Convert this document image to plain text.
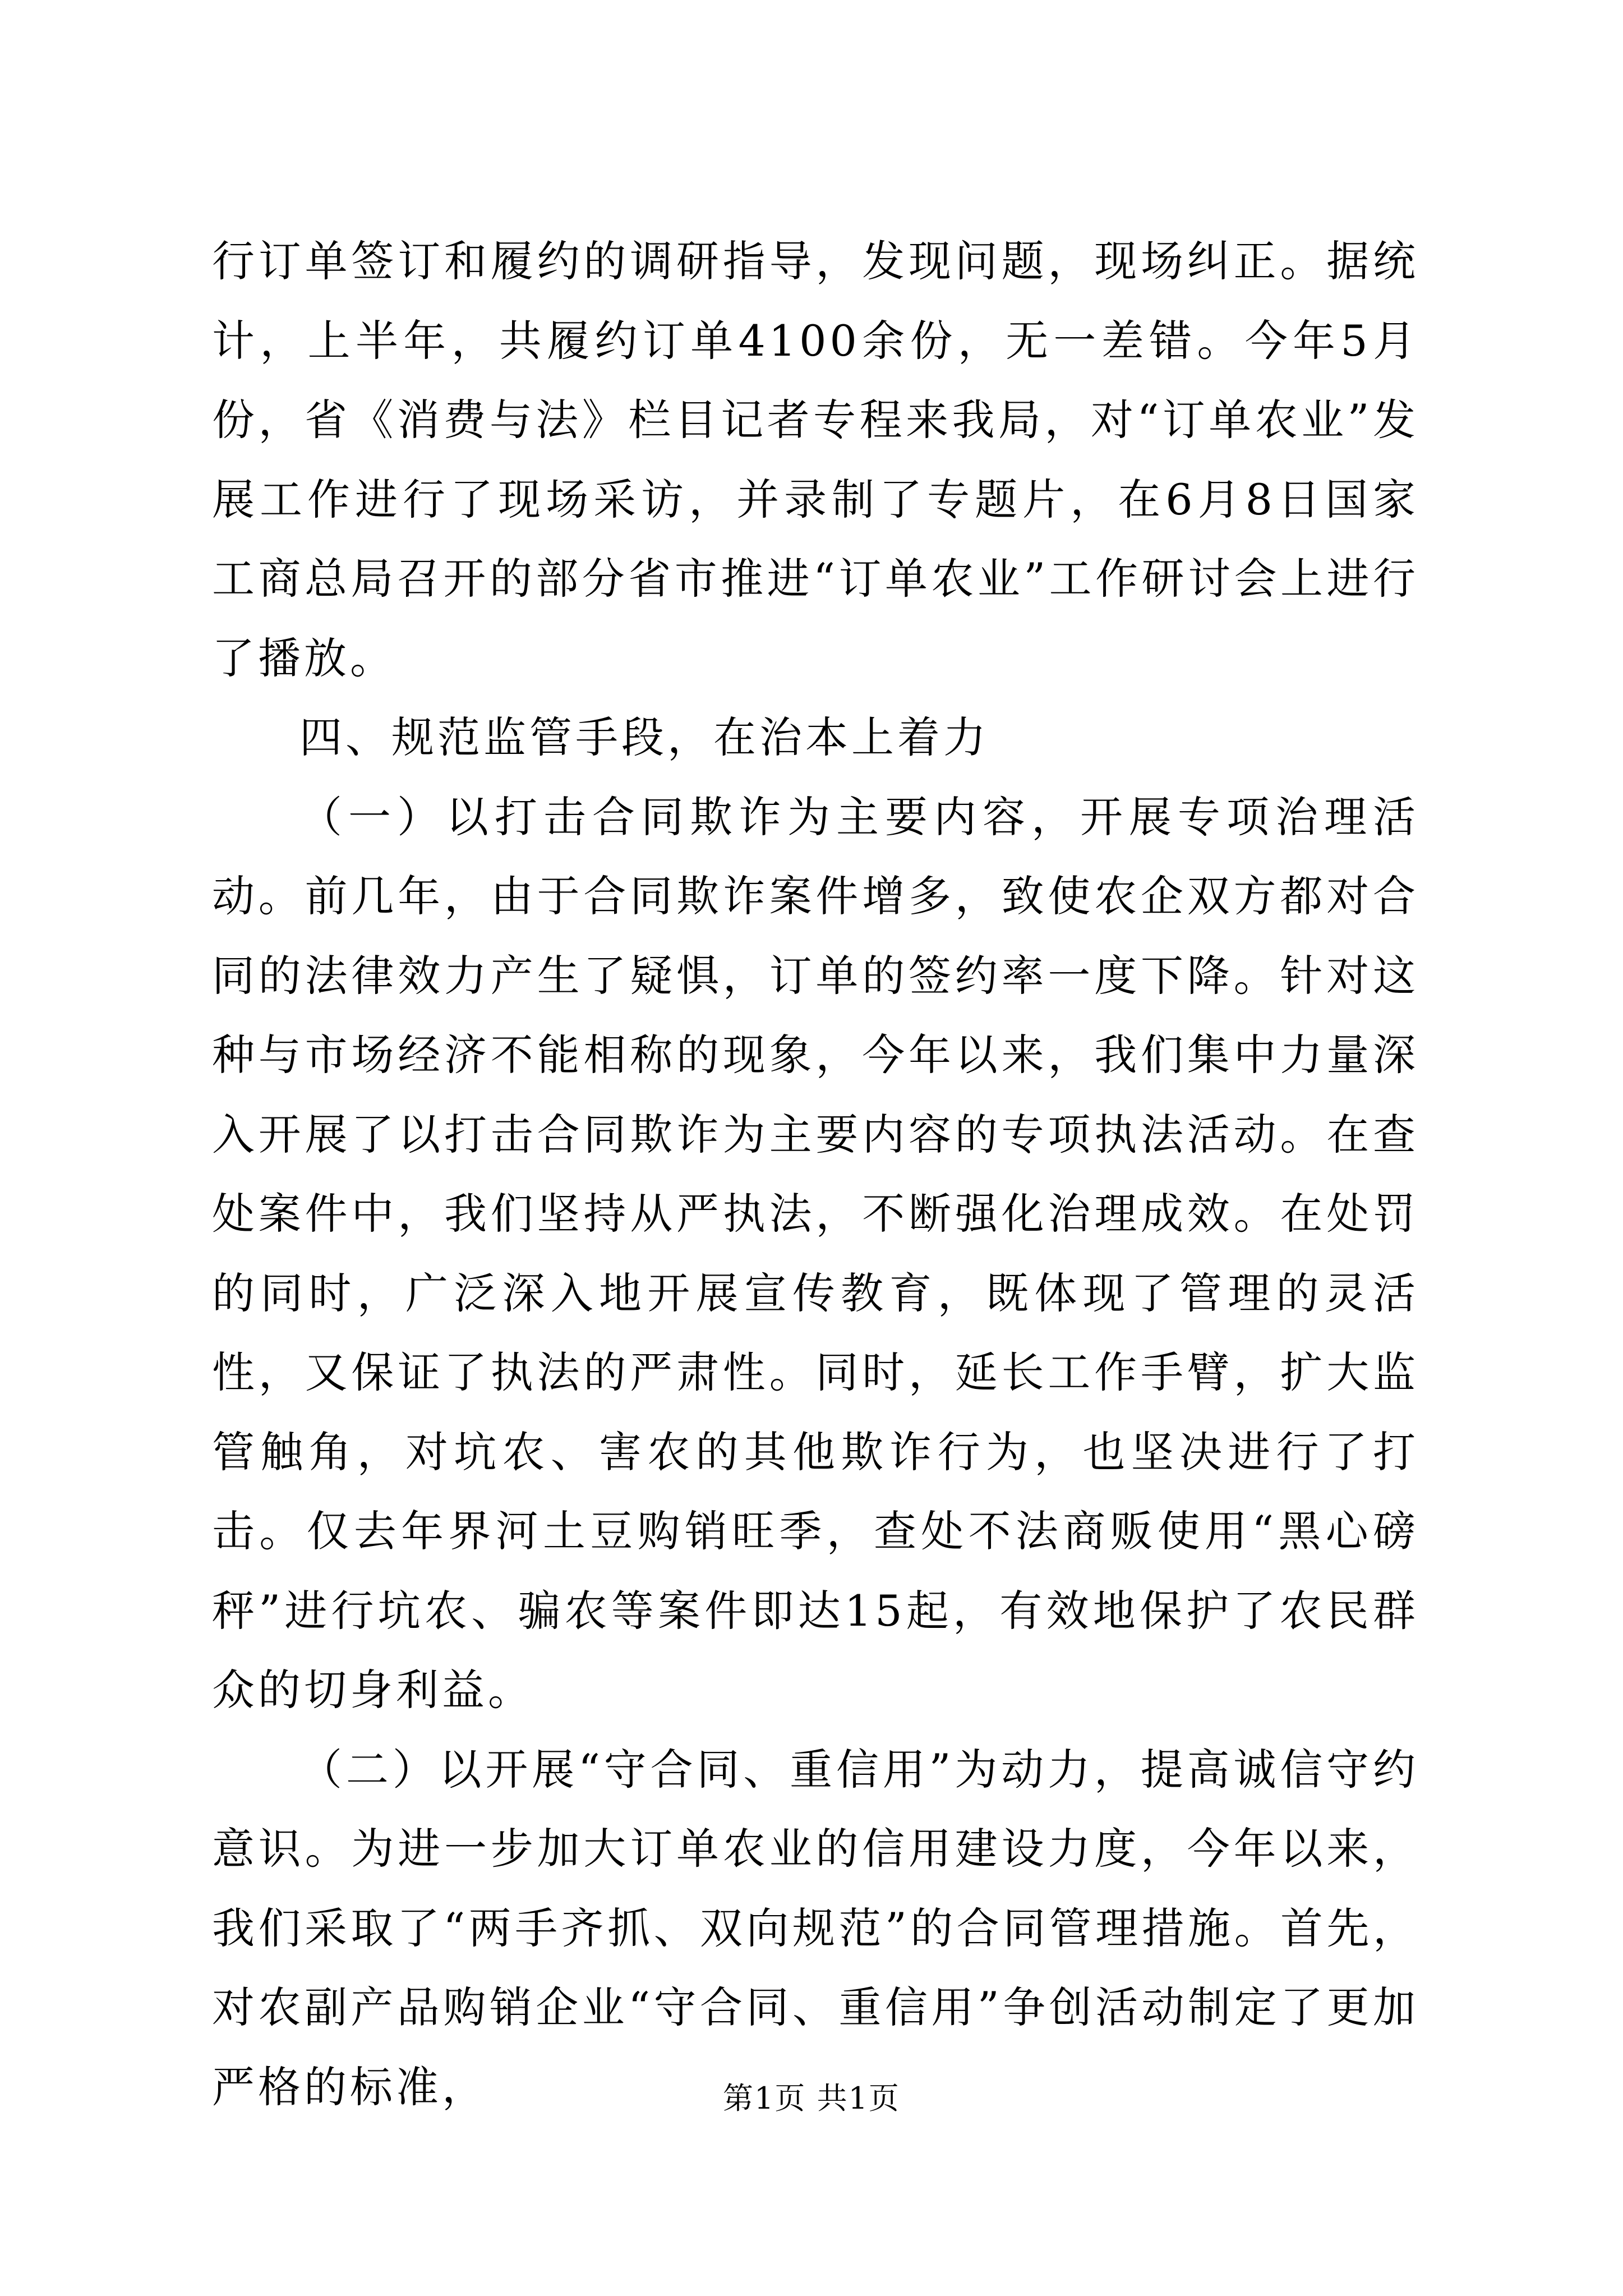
行订单签订和履约的调研指导，发现问题，现场纠正。据统计，上半年，共履约订单4100余份，无一差错。今年5月份，省《消费与法》栏目记者专程来我局，对“订单农业”发展工作进行了现场采访，并录制了专题片，在6月8日国家工商总局召开的部分省市推进“订单农业”工作研讨会上进行了播放。

四、规范监管手段，在治本上着力

（一）以打击合同欺诈为主要内容，开展专项治理活动。前几年，由于合同欺诈案件增多，致使农企双方都对合同的法律效力产生了疑惧，订单的签约率一度下降。针对这种与市场经济不能相称的现象，今年以来，我们集中力量深入开展了以打击合同欺诈为主要内容的专项执法活动。在查处案件中，我们坚持从严执法，不断强化治理成效。在处罚的同时，广泛深入地开展宣传教育，既体现了管理的灵活性，又保证了执法的严肃性。同时，延长工作手臂，扩大监管触角，对坑农、害农的其他欺诈行为，也坚决进行了打击。仅去年界河土豆购销旺季，查处不法商贩使用“黑心磅秤”进行坑农、骗农等案件即达15起，有效地保护了农民群众的切身利益。

（二）以开展“守合同、重信用”为动力，提高诚信守约意识。为进一步加大订单农业的信用建设力度，今年以来，我们采取了“两手齐抓、双向规范”的合同管理措施。首先，对农副产品购销企业“守合同、重信用”争创活动制定了更加严格的标准，	第1页 共1页
